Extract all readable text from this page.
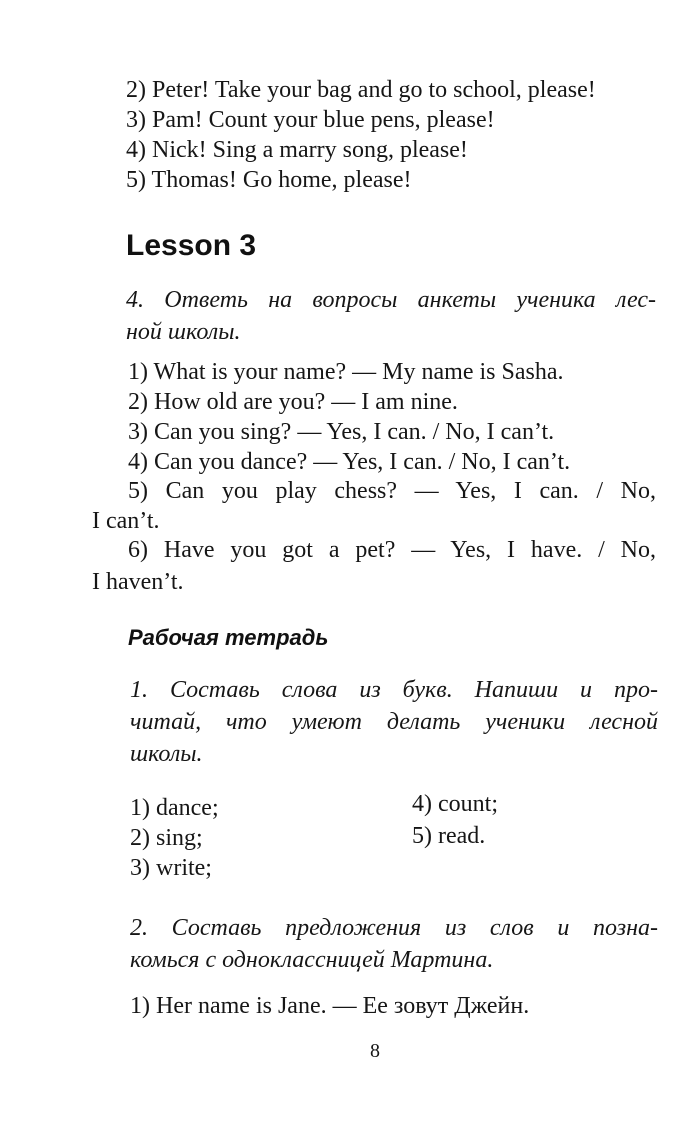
2) Peter! Take your bag and go to school, please!
3) Pam! Count your blue pens, please!
4) Nick! Sing a marry song, please!
5) Thomas! Go home, please!
Lesson 3
4. Ответь на вопросы анкеты ученика лес-
ной школы.
1) What is your name? — My name is Sasha.
2) How old are you? — I am nine.
3) Can you sing? — Yes, I can. / No, I can’t.
4) Can you dance? — Yes, I can. / No, I can’t.
5) Can you play chess? — Yes, I can. / No,
I can’t.
6) Have you got a pet? — Yes, I have. / No,
I haven’t.
Рабочая тетрадь
1. Составь слова из букв. Напиши и про-
читай, что умеют делать ученики лесной
школы.
1) dance;
2) sing;
3) write;
4) count;
5) read.
2. Составь предложения из слов и позна-
комься с одноклассницей Мартина.
1) Her name is Jane. — Ее зовут Джейн.
8
